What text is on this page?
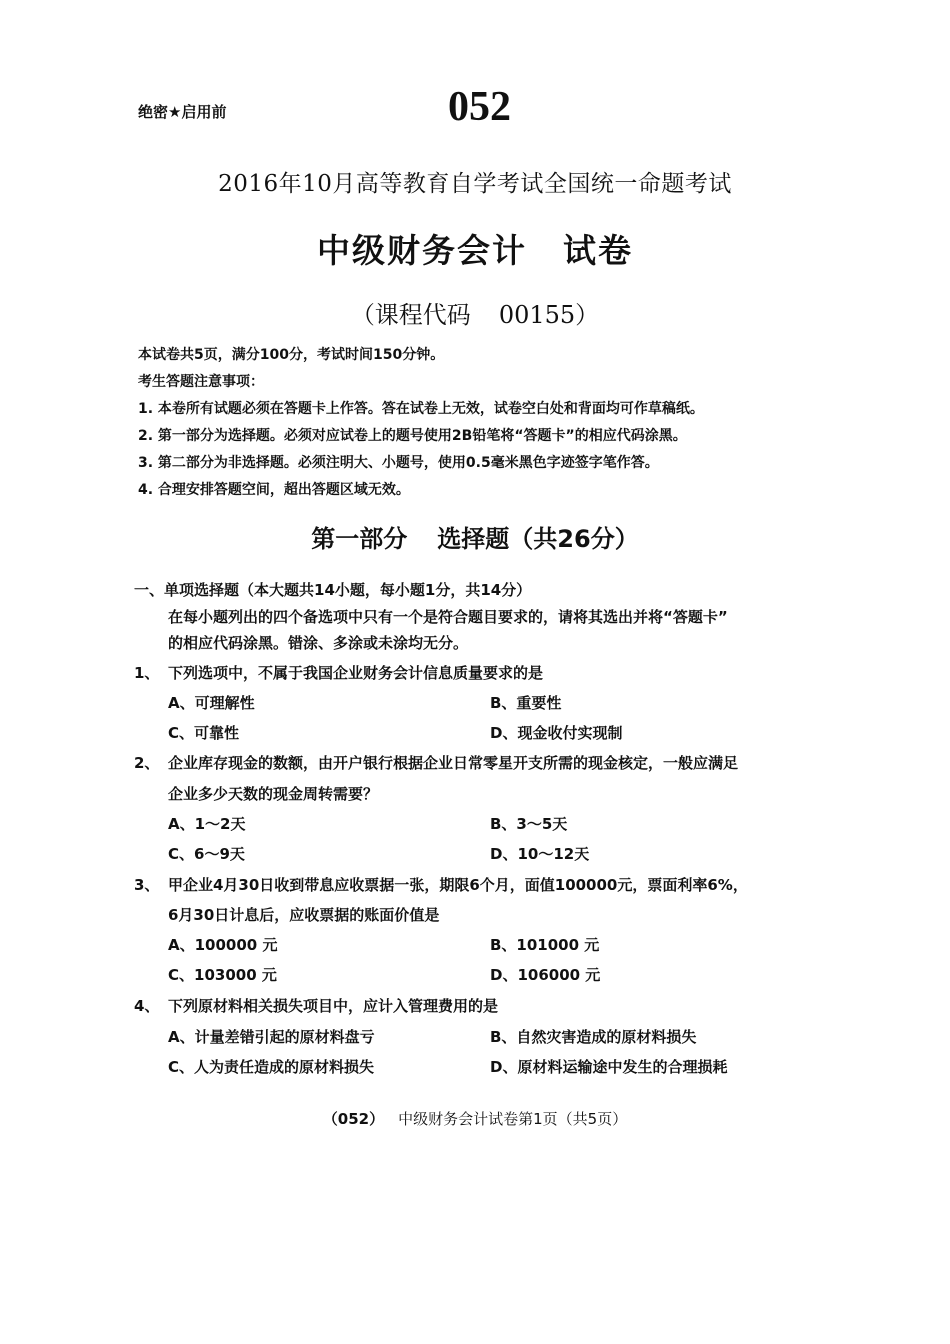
绝密★启用前	052
2016年10月高等教育自学考试全国统一命题考试
中级财务会计 试卷
（课程代码 00155）
本试卷共5页，满分100分，考试时间150分钟。
考生答题注意事项：
1. 本卷所有试题必须在答题卡上作答。答在试卷上无效，试卷空白处和背面均可作草稿纸。
2. 第一部分为选择题。必须对应试卷上的题号使用2B铅笔将“答题卡”的相应代码涂黑。
3. 第二部分为非选择题。必须注明大、小题号，使用0.5毫米黑色字迹签字笔作答。
4. 合理安排答题空间，超出答题区域无效。
第一部分 选择题（共26分）
一、单项选择题（本大题共14小题，每小题1分，共14分）
在每小题列出的四个备选项中只有一个是符合题目要求的，请将其选出并将“答题卡”
的相应代码涂黑。错涂、多涂或未涂均无分。
1、 下列选项中，不属于我国企业财务会计信息质量要求的是
A、可理解性	B、重要性
C、可靠性	D、现金收付实现制
2、 企业库存现金的数额，由开户银行根据企业日常零星开支所需的现金核定，一般应满足
企业多少天数的现金周转需要？
A、1～2天	B、3～5天
C、6～9天	D、10～12天
3、 甲企业4月30日收到带息应收票据一张，期限6个月，面值100000元，票面利率6%，
6月30日计息后，应收票据的账面价值是
A、100000 元	B、101000 元
C、103000 元	D、106000 元
4、 下列原材料相关损失项目中，应计入管理费用的是
A、计量差错引起的原材料盘亏	B、自然灾害造成的原材料损失
C、人为责任造成的原材料损失	D、原材料运输途中发生的合理损耗
（052） 中级财务会计试卷第1页（共5页）
